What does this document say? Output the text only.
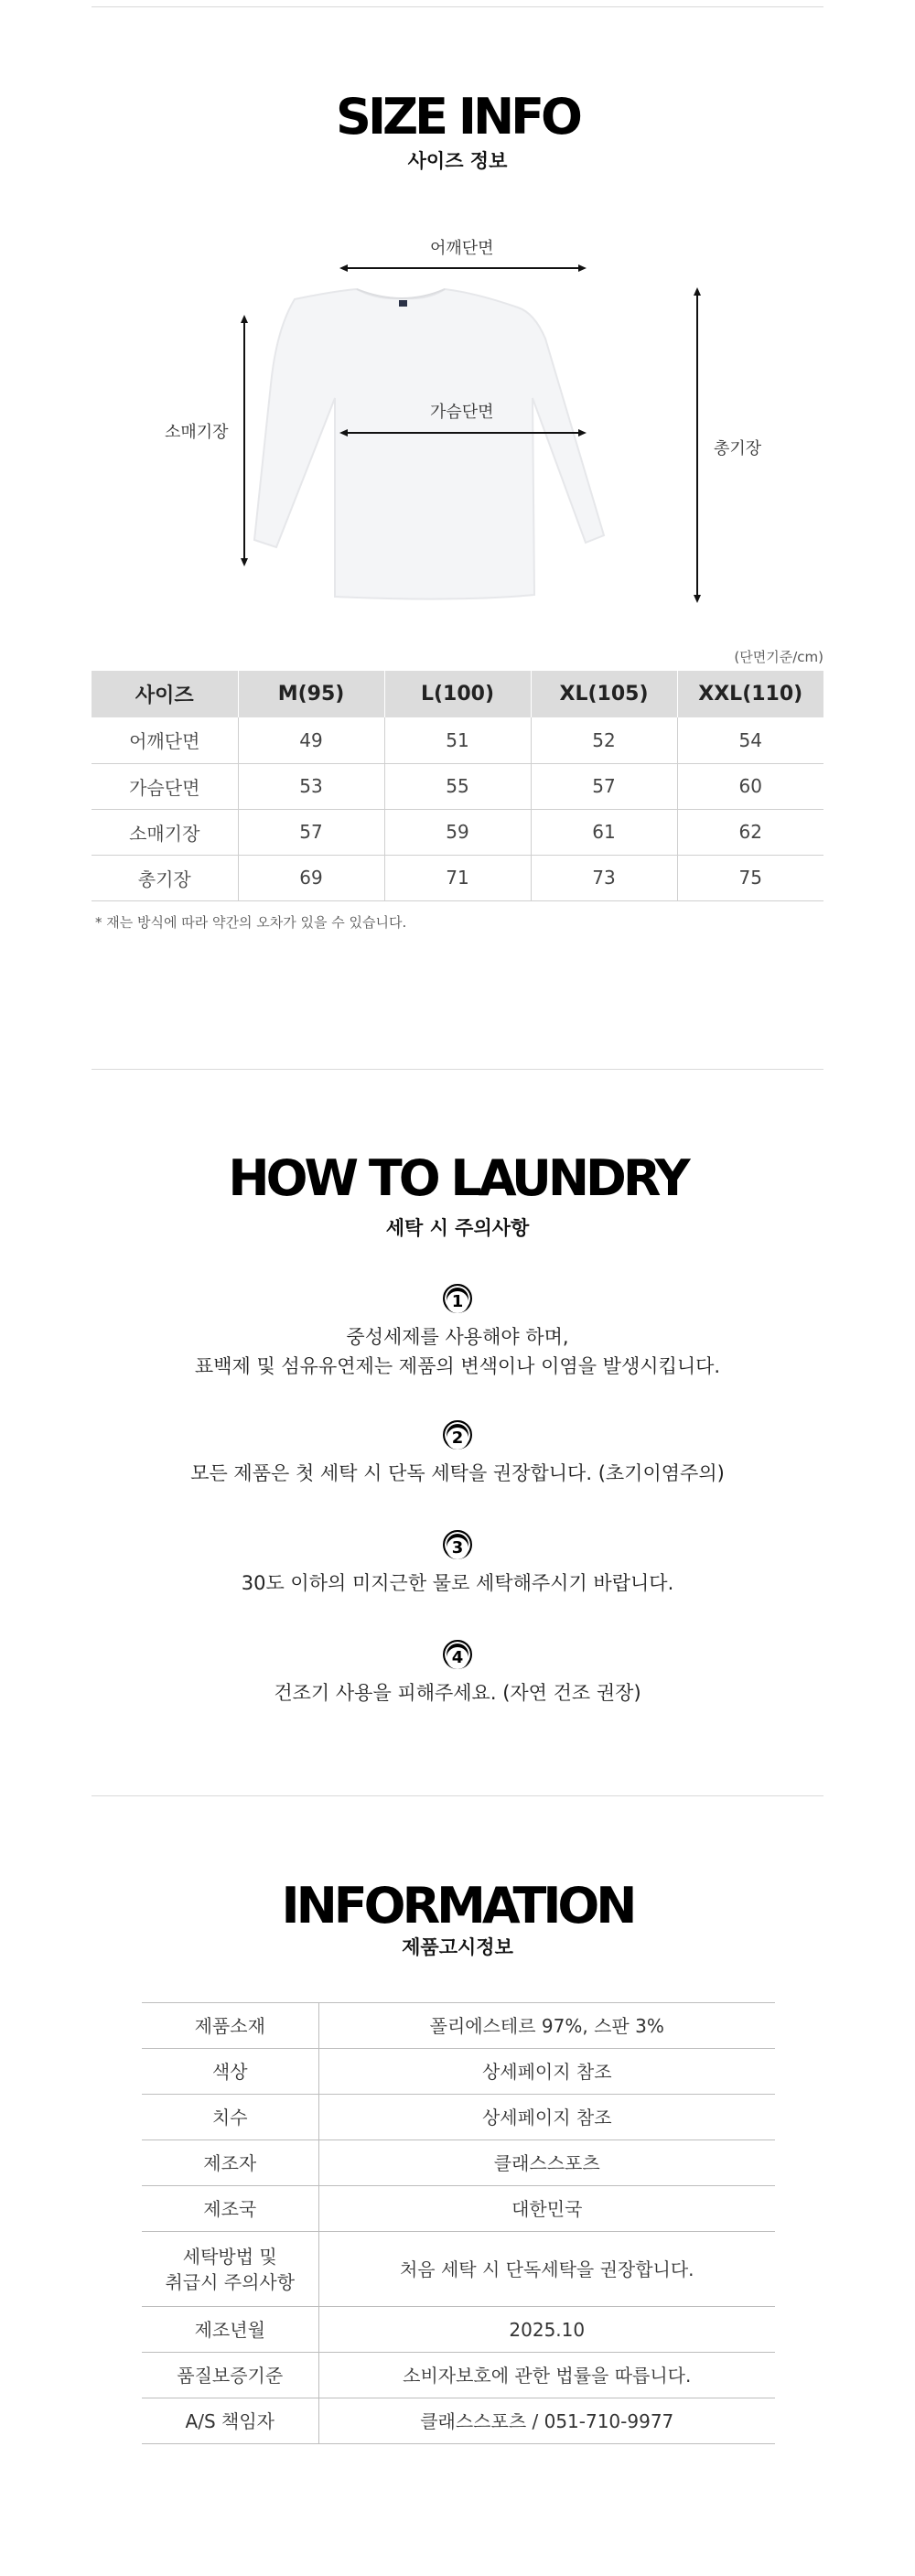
SIZE INFO
사이즈 정보
어깨단면
가슴단면
소매기장
총기장
(단면기준/cm)
사이즈	M(95)	L(100)	XL(105)	XXL(110)
어깨단면	49	51	52	54
가슴단면	53	55	57	60
소매기장	57	59	61	62
총기장	69	71	73	75
* 재는 방식에 따라 약간의 오차가 있을 수 있습니다.
HOW TO LAUNDRY
세탁 시 주의사항
1
중성세제를 사용해야 하며,
표백제 및 섬유유연제는 제품의 변색이나 이염을 발생시킵니다.
2
모든 제품은 첫 세탁 시 단독 세탁을 권장합니다. (초기이염주의)
3
30도 이하의 미지근한 물로 세탁해주시기 바랍니다.
4
건조기 사용을 피해주세요. (자연 건조 권장)
INFORMATION
제품고시정보
제품소재	폴리에스테르 97%, 스판 3%
색상	상세페이지 참조
치수	상세페이지 참조
제조자	클래스스포츠
제조국	대한민국

세탁방법 및
취급시 주의사항	처음 세탁 시 단독세탁을 권장합니다.
제조년월	2025.10
품질보증기준	소비자보호에 관한 법률을 따릅니다.
A/S 책임자	클래스스포츠 / 051-710-9977
